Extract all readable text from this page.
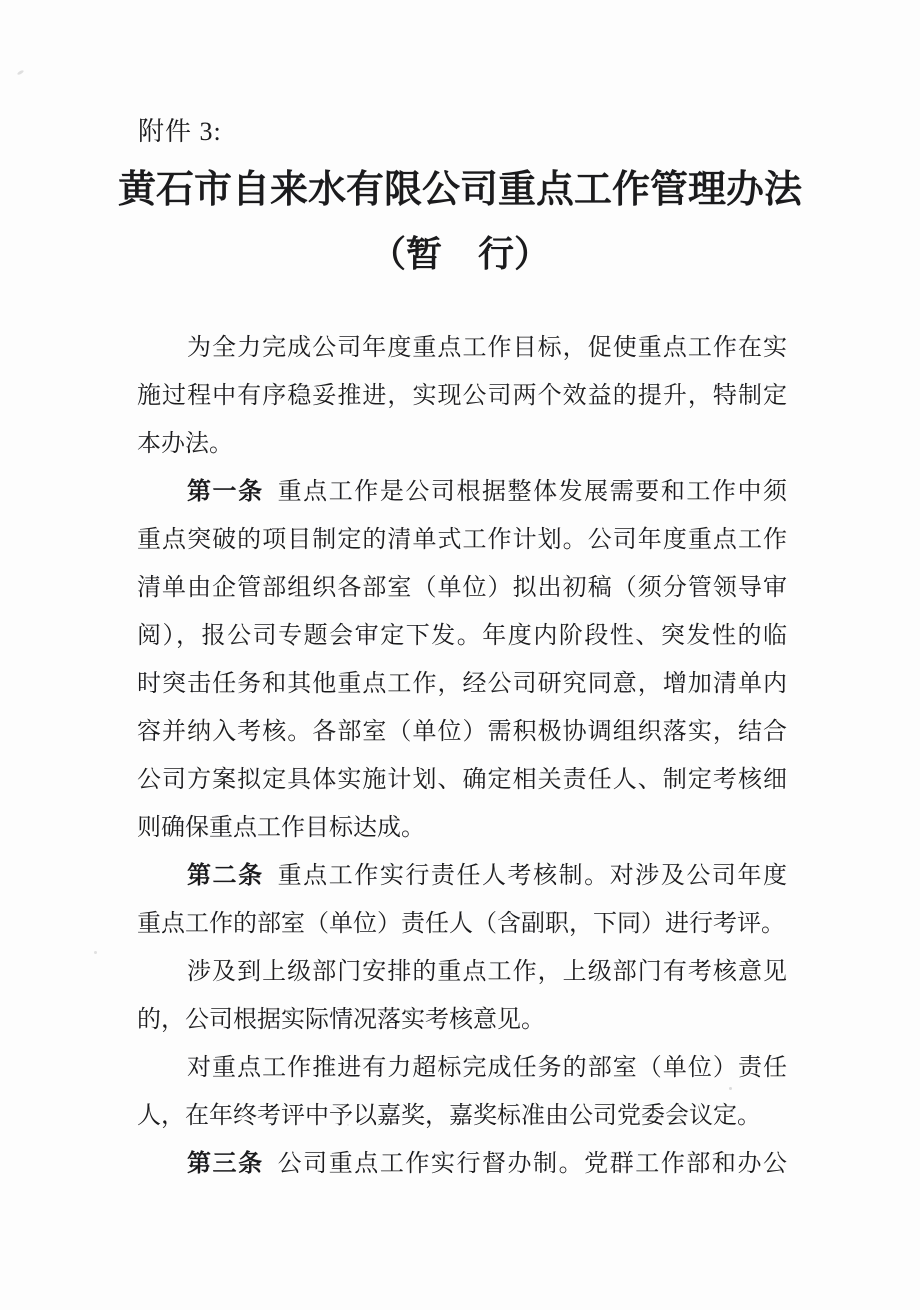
附件 3:
黄石市自来水有限公司重点工作管理办法
（暂　行）
为全力完成公司年度重点工作目标，促使重点工作在实
施过程中有序稳妥推进，实现公司两个效益的提升，特制定
本办法。
第一条 重点工作是公司根据整体发展需要和工作中须
重点突破的项目制定的清单式工作计划。公司年度重点工作
清单由企管部组织各部室（单位）拟出初稿（须分管领导审
阅），报公司专题会审定下发。年度内阶段性、突发性的临
时突击任务和其他重点工作，经公司研究同意，增加清单内
容并纳入考核。各部室（单位）需积极协调组织落实，结合
公司方案拟定具体实施计划、确定相关责任人、制定考核细
则确保重点工作目标达成。
第二条 重点工作实行责任人考核制。对涉及公司年度
重点工作的部室（单位）责任人（含副职，下同）进行考评。
涉及到上级部门安排的重点工作，上级部门有考核意见
的，公司根据实际情况落实考核意见。
对重点工作推进有力超标完成任务的部室（单位）责任
人，在年终考评中予以嘉奖，嘉奖标准由公司党委会议定。
第三条 公司重点工作实行督办制。党群工作部和办公
